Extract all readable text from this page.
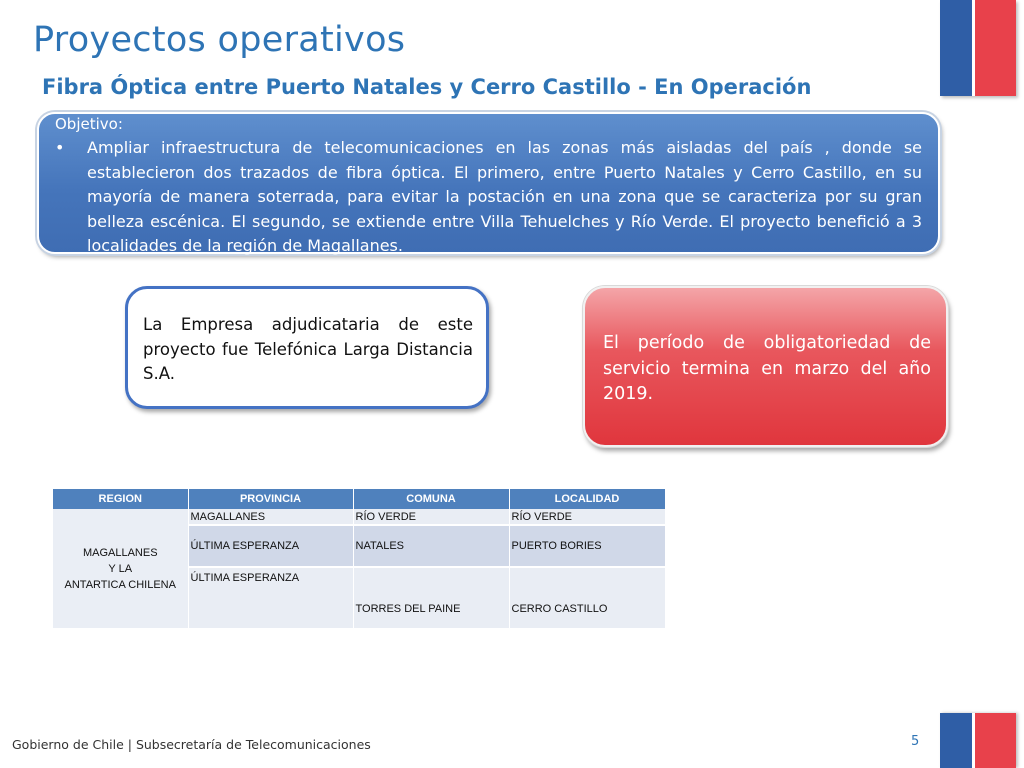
Proyectos operativos
Fibra Óptica entre Puerto Natales y Cerro Castillo - En Operación

Objetivo:

• Ampliar infraestructura de telecomunicaciones en las zonas más aisladas del país , donde se establecieron dos trazados de fibra óptica. El primero, entre Puerto Natales y Cerro Castillo, en su mayoría de manera soterrada, para evitar la postación en una zona que se caracteriza por su gran belleza escénica. El segundo, se extiende entre Villa Tehuelches y Río Verde. El proyecto benefició a 3 localidades de la región de Magallanes.

La Empresa adjudicataria de este proyecto fue Telefónica Larga Distancia S.A.

El período de obligatoriedad de servicio termina en marzo del año 2019.

REGION	PROVINCIA	COMUNA	LOCALIDAD
MAGALLANES
Y LA
ANTARTICA CHILENA	MAGALLANES	RÍO VERDE	RÍO VERDE
	ÚLTIMA ESPERANZA	NATALES	PUERTO BORIES
	ÚLTIMA ESPERANZA	TORRES DEL PAINE	CERRO CASTILLO

Gobierno de Chile | Subsecretaría de Telecomunicaciones	5
